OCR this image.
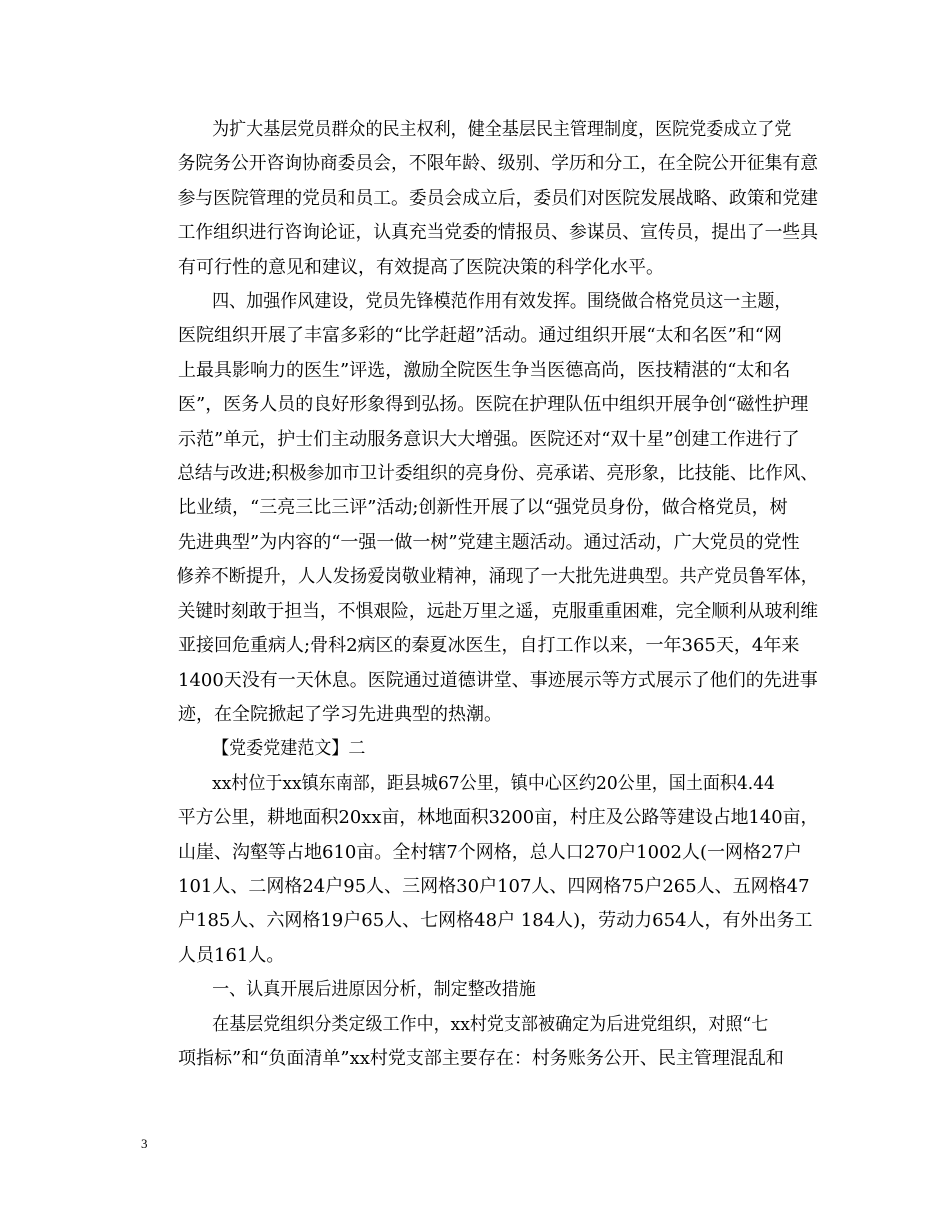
为扩大基层党员群众的民主权利，健全基层民主管理制度，医院党委成立了党务院务公开咨询协商委员会，不限年龄、级别、学历和分工，在全院公开征集有意参与医院管理的党员和员工。委员会成立后，委员们对医院发展战略、政策和党建工作组织进行咨询论证，认真充当党委的情报员、参谋员、宣传员，提出了一些具
有可行性的意见和建议，有效提高了医院决策的科学化水平。

四、加强作风建设，党员先锋模范作用有效发挥。围绕做合格党员这一主题，
医院组织开展了丰富多彩的“比学赶超”活动。通过组织开展“太和名医”和“网
上最具影响力的医生”评选，激励全院医生争当医德高尚，医技精湛的“太和名
医”，医务人员的良好形象得到弘扬。医院在护理队伍中组织开展争创“磁性护理
示范”单元，护士们主动服务意识大大增强。医院还对“双十星”创建工作进行了
总结与改进;积极参加市卫计委组织的亮身份、亮承诺、亮形象，比技能、比作风、
比业绩，“三亮三比三评”活动;创新性开展了以“强党员身份，做合格党员，树
先进典型”为内容的“一强一做一树”党建主题活动。通过活动，广大党员的党性
修养不断提升，人人发扬爱岗敬业精神，涌现了一大批先进典型。共产党员鲁军体，关键时刻敢于担当，不惧艰险，远赴万里之遥，克服重重困难，完全顺利从玻利维
亚接回危重病人;骨科2病区的秦夏冰医生，自打工作以来，一年365天，4年来
1400天没有一天休息。医院通过道德讲堂、事迹展示等方式展示了他们的先进事
迹，在全院掀起了学习先进典型的热潮。

【党委党建范文】二

xx村位于xx镇东南部，距县城67公里，镇中心区约20公里，国土面积4.44平方公里，耕地面积20xx亩，林地面积3200亩，村庄及公路等建设占地140亩，
山崖、沟壑等占地610亩。全村辖7个网格，总人口270户1002人(一网格27户
101人、二网格24户95人、三网格30户107人、四网格75户265人、五网格47
户185人、六网格19户65人、七网格48户 184人)，劳动力654人，有外出务工
人员161人。

一、认真开展后进原因分析，制定整改措施

在基层党组织分类定级工作中，xx村党支部被确定为后进党组织，对照“七
项指标”和“负面清单”xx村党支部主要存在：村务账务公开、民主管理混乱和

3
